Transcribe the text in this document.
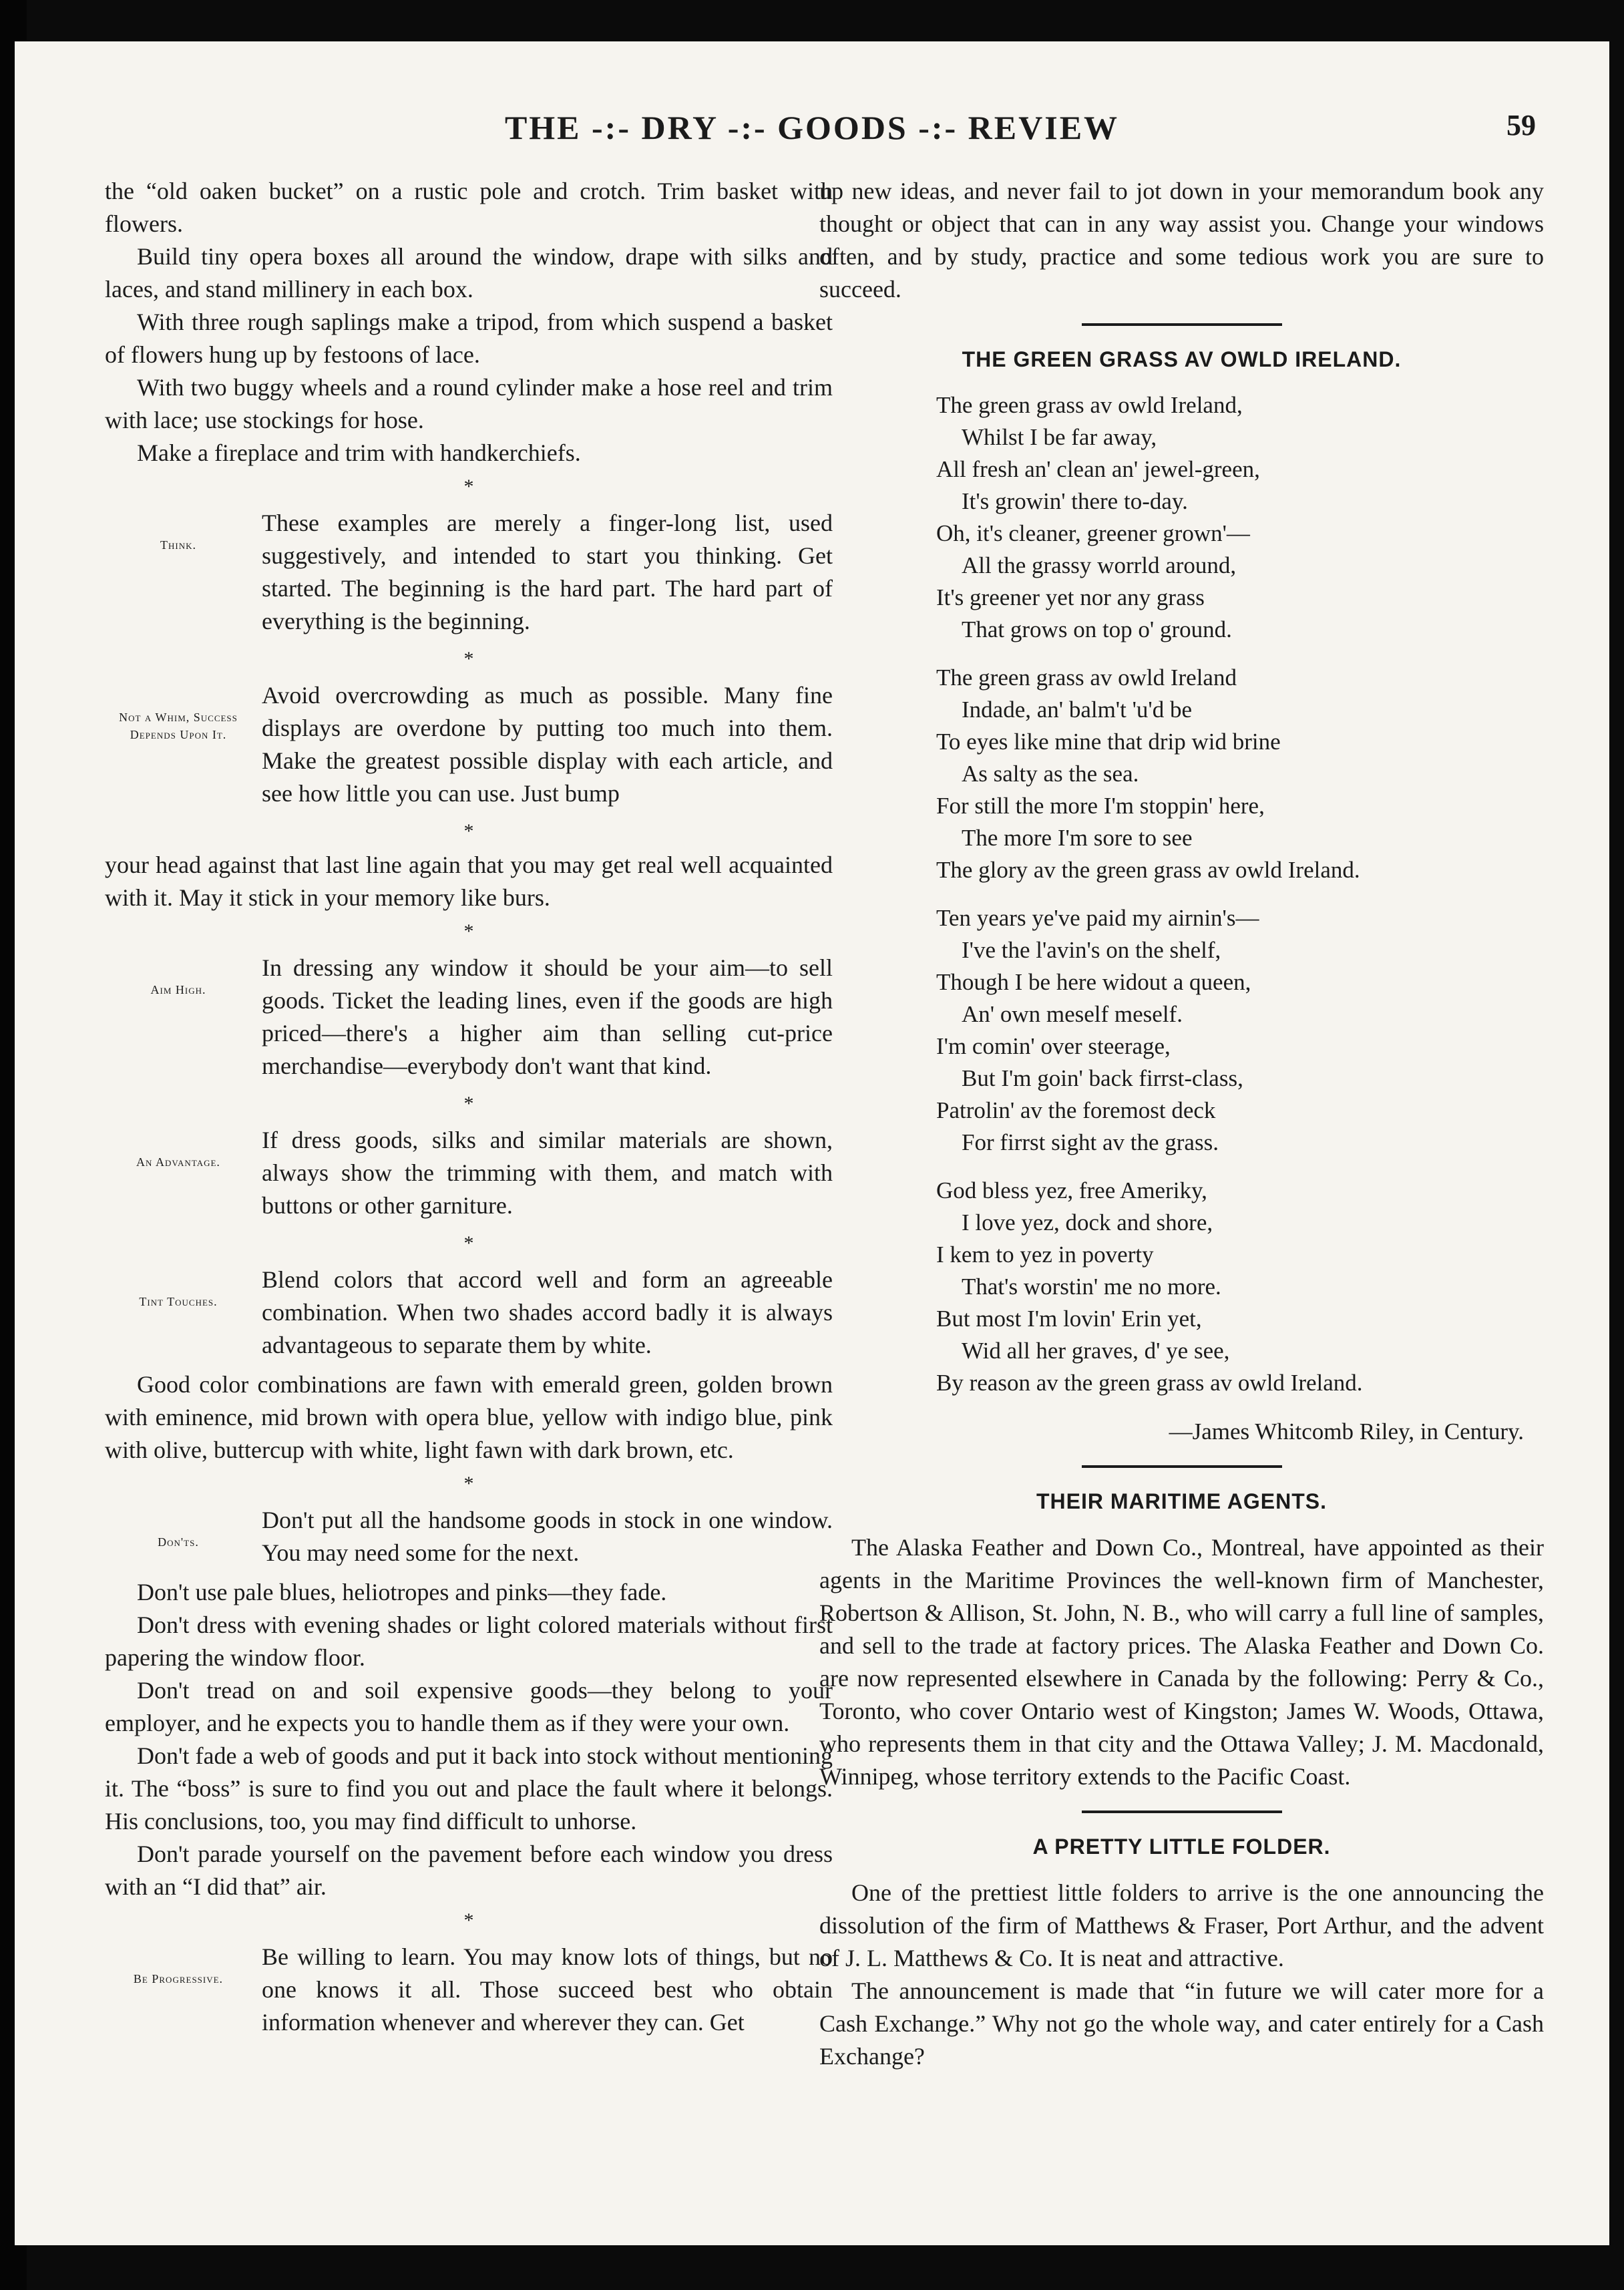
THE -:- DRY -:- GOODS -:- REVIEW	59

the “old oaken bucket” on a rustic pole and crotch. Trim basket with flowers.

Build tiny opera boxes all around the window, drape with silks and laces, and stand millinery in each box.

With three rough saplings make a tripod, from which suspend a basket of flowers hung up by festoons of lace.

With two buggy wheels and a round cylinder make a hose reel and trim with lace; use stockings for hose.

Make a fireplace and trim with handkerchiefs.

*
Think.
These examples are merely a finger-long list, used suggestively, and intended to start you thinking. Get started. The beginning is the hard part. The hard part of everything is the beginning.
*
Not a Whim, Success Depends Upon It.
Avoid overcrowding as much as possible. Many fine displays are overdone by putting too much into them. Make the greatest possible display with each article, and see how little you can use. Just bump
*

your head against that last line again that you may get real well acquainted with it. May it stick in your memory like burs.

*
Aim High.
In dressing any window it should be your aim—to sell goods. Ticket the leading lines, even if the goods are high priced—there's a higher aim than selling cut-price merchandise—everybody don't want that kind.
*
An Advantage.
If dress goods, silks and similar materials are shown, always show the trimming with them, and match with buttons or other garniture.
*
Tint Touches.
Blend colors that accord well and form an agreeable combination. When two shades accord badly it is always advantageous to separate them by white.

Good color combinations are fawn with emerald green, golden brown with eminence, mid brown with opera blue, yellow with indigo blue, pink with olive, buttercup with white, light fawn with dark brown, etc.

*
Don'ts.
Don't put all the handsome goods in stock in one window. You may need some for the next.

Don't use pale blues, heliotropes and pinks—they fade.

Don't dress with evening shades or light colored materials without first papering the window floor.

Don't tread on and soil expensive goods—they belong to your employer, and he expects you to handle them as if they were your own.

Don't fade a web of goods and put it back into stock without mentioning it. The “boss” is sure to find you out and place the fault where it belongs. His conclusions, too, you may find difficult to unhorse.

Don't parade yourself on the pavement before each window you dress with an “I did that” air.

*
Be Progressive.
Be willing to learn. You may know lots of things, but no one knows it all. Those succeed best who obtain information whenever and wherever they can. Get

up new ideas, and never fail to jot down in your memorandum book any thought or object that can in any way assist you. Change your windows often, and by study, practice and some tedious work you are sure to succeed.

THE GREEN GRASS AV OWLD IRELAND.
The green grass av owld Ireland,
Whilst I be far away,
All fresh an' clean an' jewel-green,
It's growin' there to-day.
Oh, it's cleaner, greener grown'—
All the grassy worrld around,
It's greener yet nor any grass
That grows on top o' ground.
The green grass av owld Ireland
Indade, an' balm't 'u'd be
To eyes like mine that drip wid brine
As salty as the sea.
For still the more I'm stoppin' here,
The more I'm sore to see
The glory av the green grass av owld Ireland.
Ten years ye've paid my airnin's—
I've the l'avin's on the shelf,
Though I be here widout a queen,
An' own meself meself.
I'm comin' over steerage,
But I'm goin' back firrst-class,
Patrolin' av the foremost deck
For firrst sight av the grass.
God bless yez, free Ameriky,
I love yez, dock and shore,
I kem to yez in poverty
That's worstin' me no more.
But most I'm lovin' Erin yet,
Wid all her graves, d' ye see,
By reason av the green grass av owld Ireland.
—James Whitcomb Riley, in Century.
THEIR MARITIME AGENTS.

The Alaska Feather and Down Co., Montreal, have appointed as their agents in the Maritime Provinces the well-known firm of Manchester, Robertson & Allison, St. John, N. B., who will carry a full line of samples, and sell to the trade at factory prices. The Alaska Feather and Down Co. are now represented elsewhere in Canada by the following: Perry & Co., Toronto, who cover Ontario west of Kingston; James W. Woods, Ottawa, who represents them in that city and the Ottawa Valley; J. M. Macdonald, Winnipeg, whose territory extends to the Pacific Coast.

A PRETTY LITTLE FOLDER.

One of the prettiest little folders to arrive is the one announcing the dissolution of the firm of Matthews & Fraser, Port Arthur, and the advent of J. L. Matthews & Co. It is neat and attractive.

The announcement is made that “in future we will cater more for a Cash Exchange.” Why not go the whole way, and cater entirely for a Cash Exchange?
